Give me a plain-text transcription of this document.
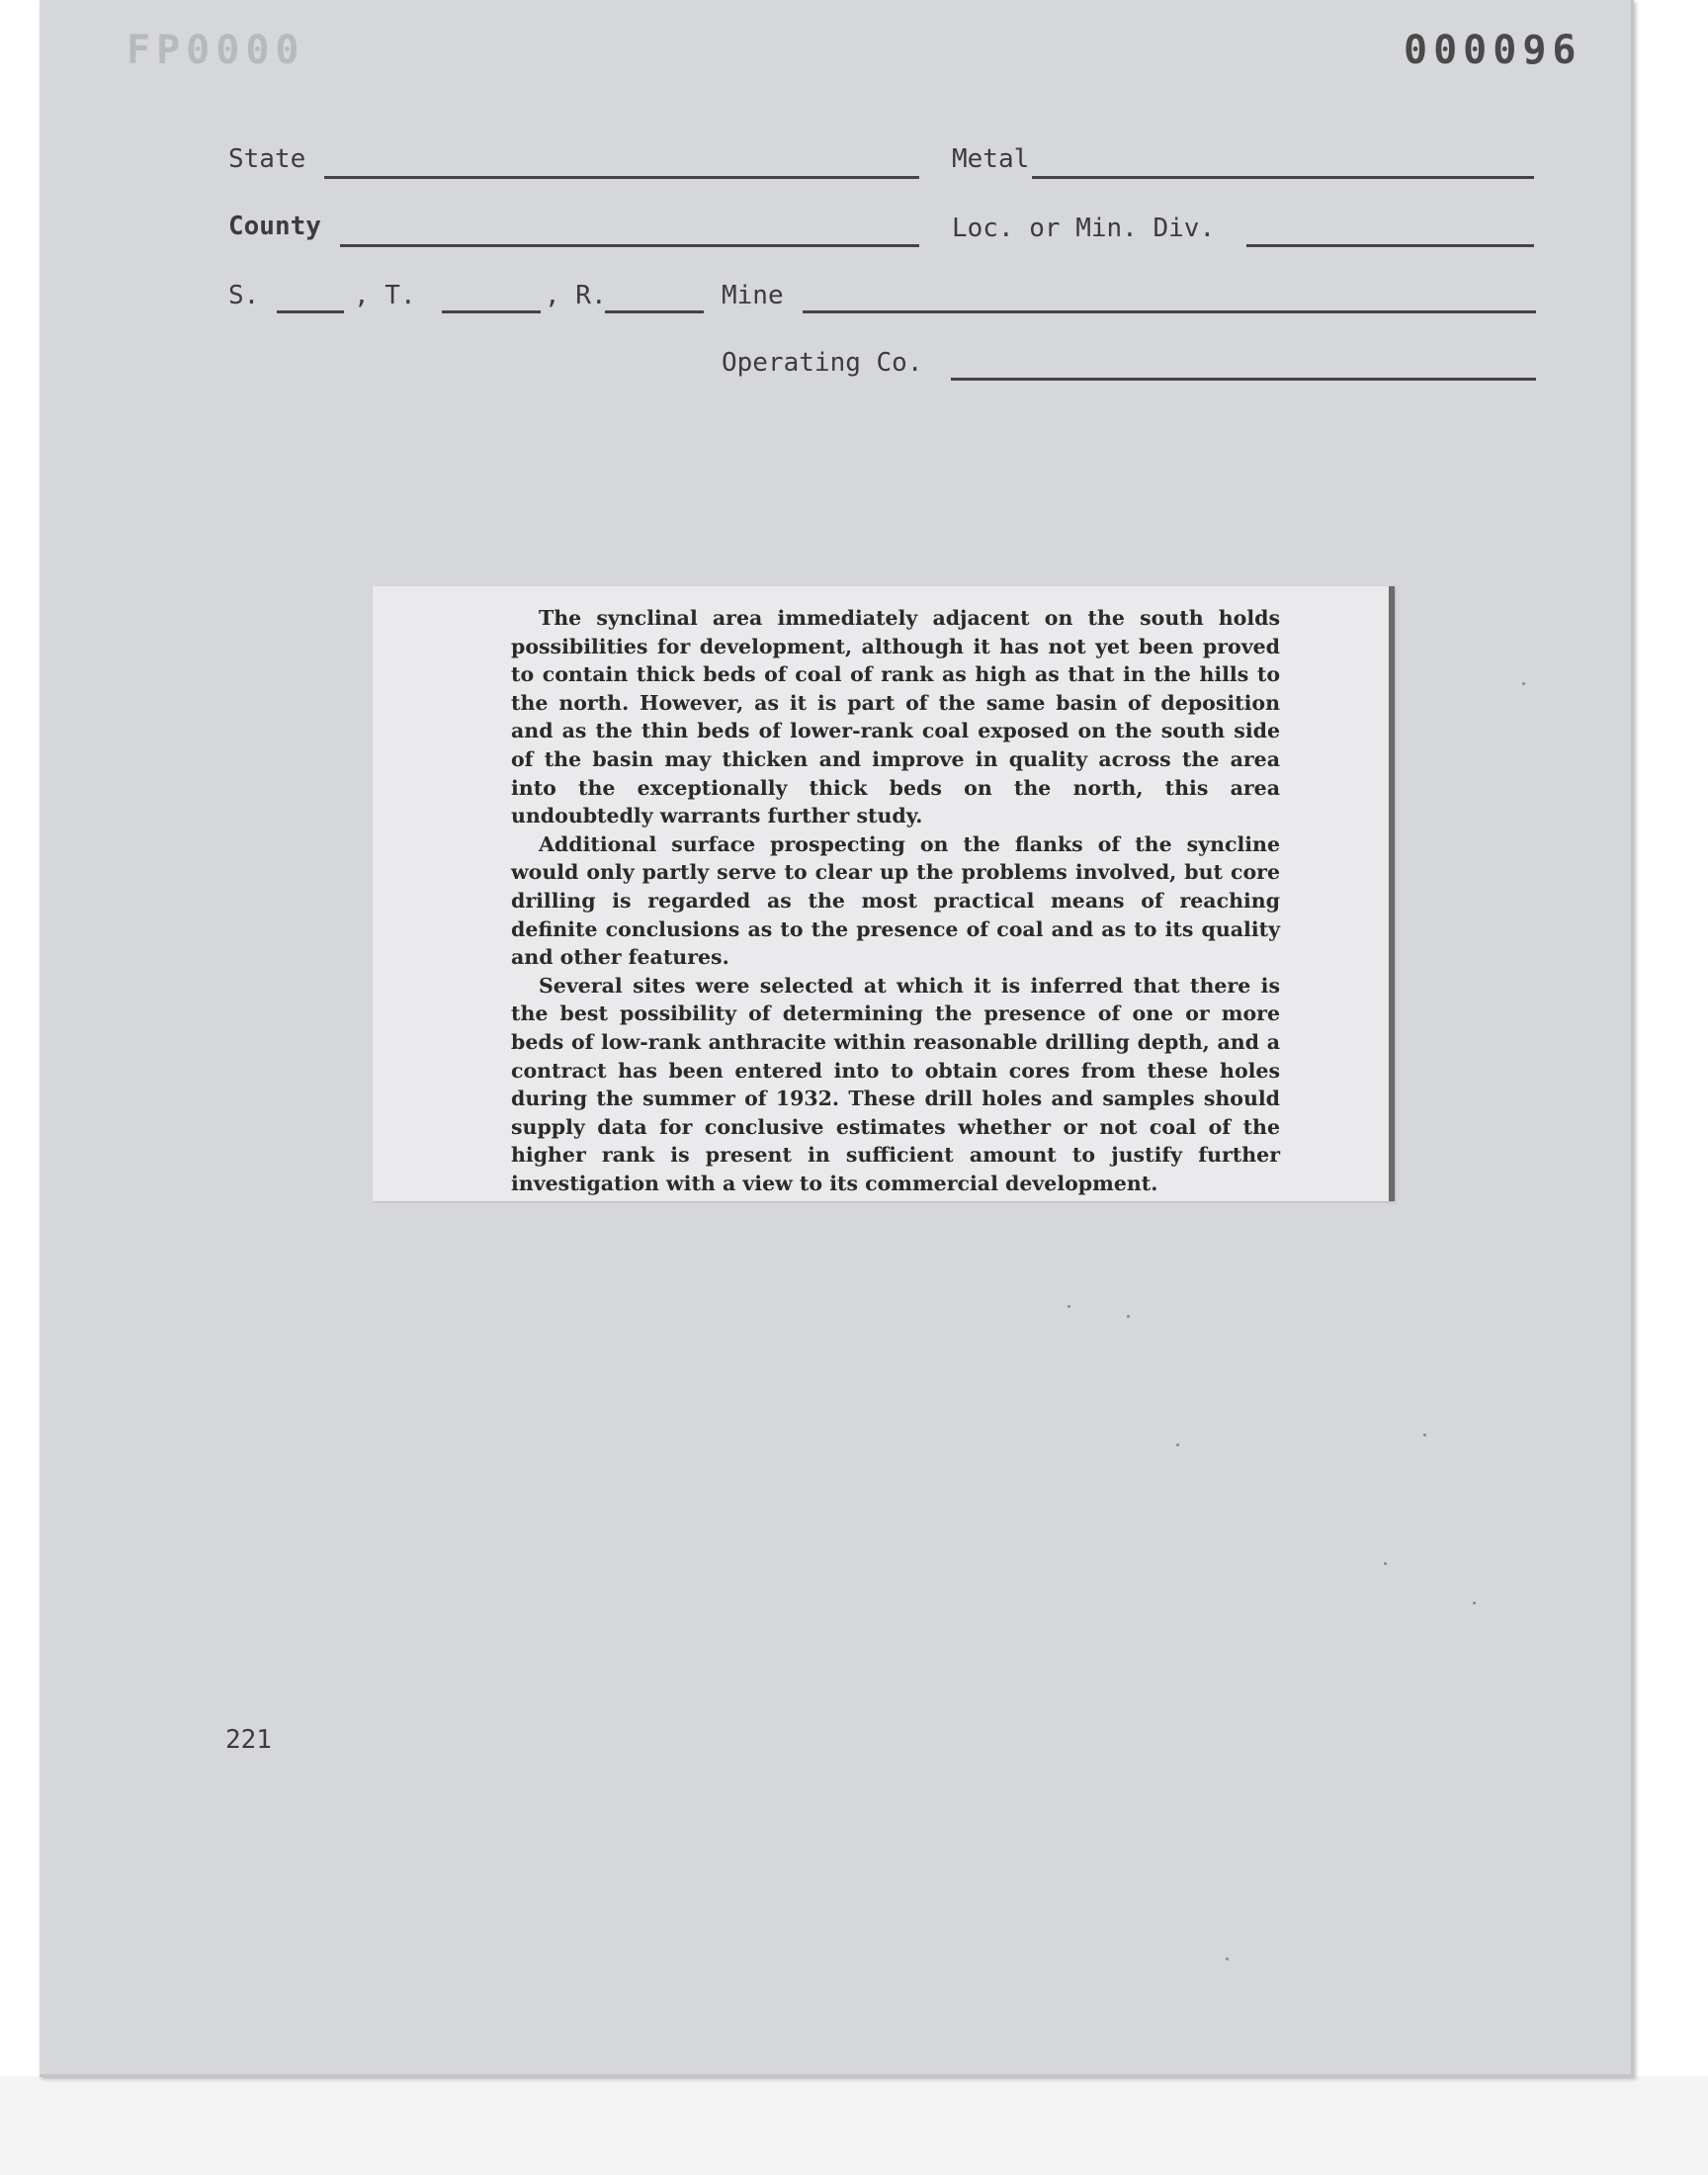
FP0000	000096
State	Metal
County	Loc. or Min. Div.
S.	, T.	, R.	Mine
Operating Co.

The synclinal area immediately adjacent on the south holds possibilities for development, although it has not yet been proved to contain thick beds of coal of rank as high as that in the hills to the north. However, as it is part of the same basin of deposition and as the thin beds of lower-rank coal exposed on the south side of the basin may thicken and improve in quality across the area into the exceptionally thick beds on the north, this area undoubtedly warrants further study.

Additional surface prospecting on the flanks of the syncline would only partly serve to clear up the problems involved, but core drilling is regarded as the most practical means of reaching definite conclusions as to the presence of coal and as to its quality and other features.

Several sites were selected at which it is inferred that there is the best possibility of determining the presence of one or more beds of low-rank anthracite within reasonable drilling depth, and a contract has been entered into to obtain cores from these holes during the summer of 1932. These drill holes and samples should supply data for conclusive estimates whether or not coal of the higher rank is present in sufficient amount to justify further investigation with a view to its commercial development.

221
